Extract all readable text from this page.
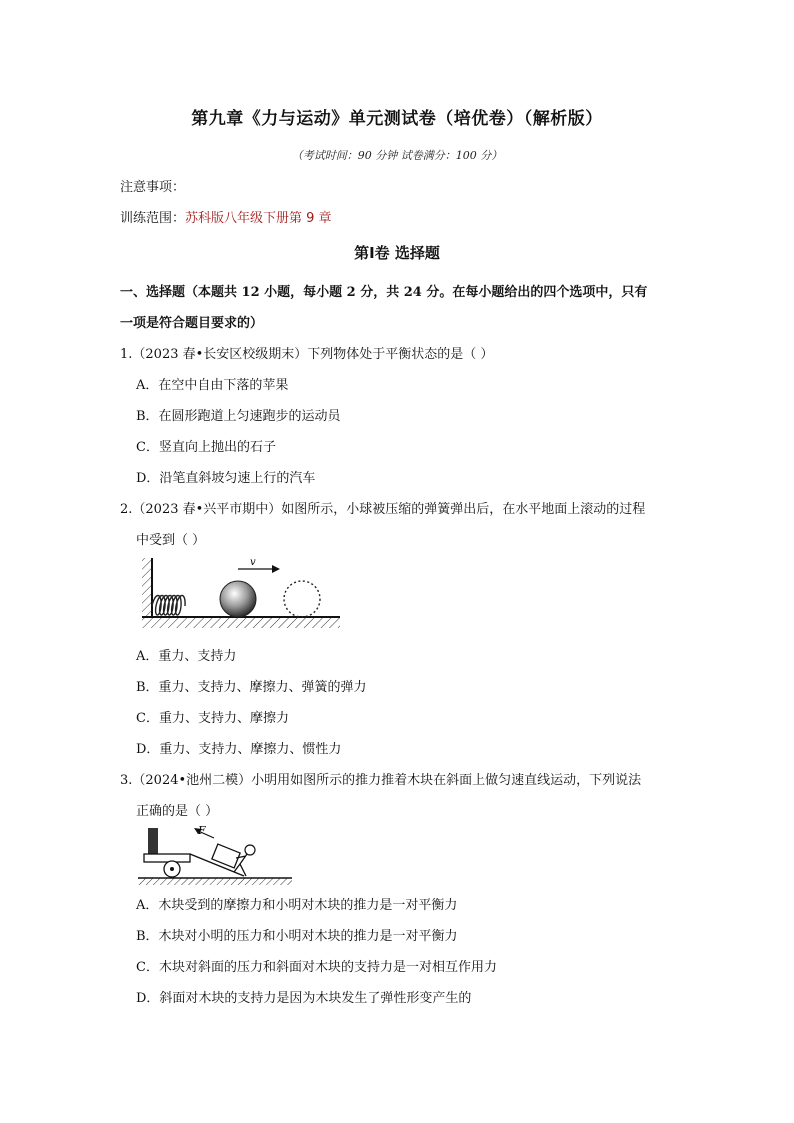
第九章《力与运动》单元测试卷（培优卷）（解析版）
（考试时间：90 分钟 试卷满分：100 分）
注意事项：
训练范围：苏科版八年级下册第 9 章
第Ⅰ卷 选择题
一、选择题（本题共 12 小题，每小题 2 分，共 24 分。在每小题给出的四个选项中，只有
一项是符合题目要求的）
1.（2023 春•长安区校级期末）下列物体处于平衡状态的是（ ）
A．在空中自由下落的苹果
B．在圆形跑道上匀速跑步的运动员
C．竖直向上抛出的石子
D．沿笔直斜坡匀速上行的汽车
2.（2023 春•兴平市期中）如图所示，小球被压缩的弹簧弹出后，在水平地面上滚动的过程
中受到（ ）
v
A．重力、支持力
B．重力、支持力、摩擦力、弹簧的弹力
C．重力、支持力、摩擦力
D．重力、支持力、摩擦力、惯性力
3.（2024•池州二模）小明用如图所示的推力推着木块在斜面上做匀速直线运动，下列说法
正确的是（ ）
F
A．木块受到的摩擦力和小明对木块的推力是一对平衡力
B．木块对小明的压力和小明对木块的推力是一对平衡力
C．木块对斜面的压力和斜面对木块的支持力是一对相互作用力
D．斜面对木块的支持力是因为木块发生了弹性形变产生的
